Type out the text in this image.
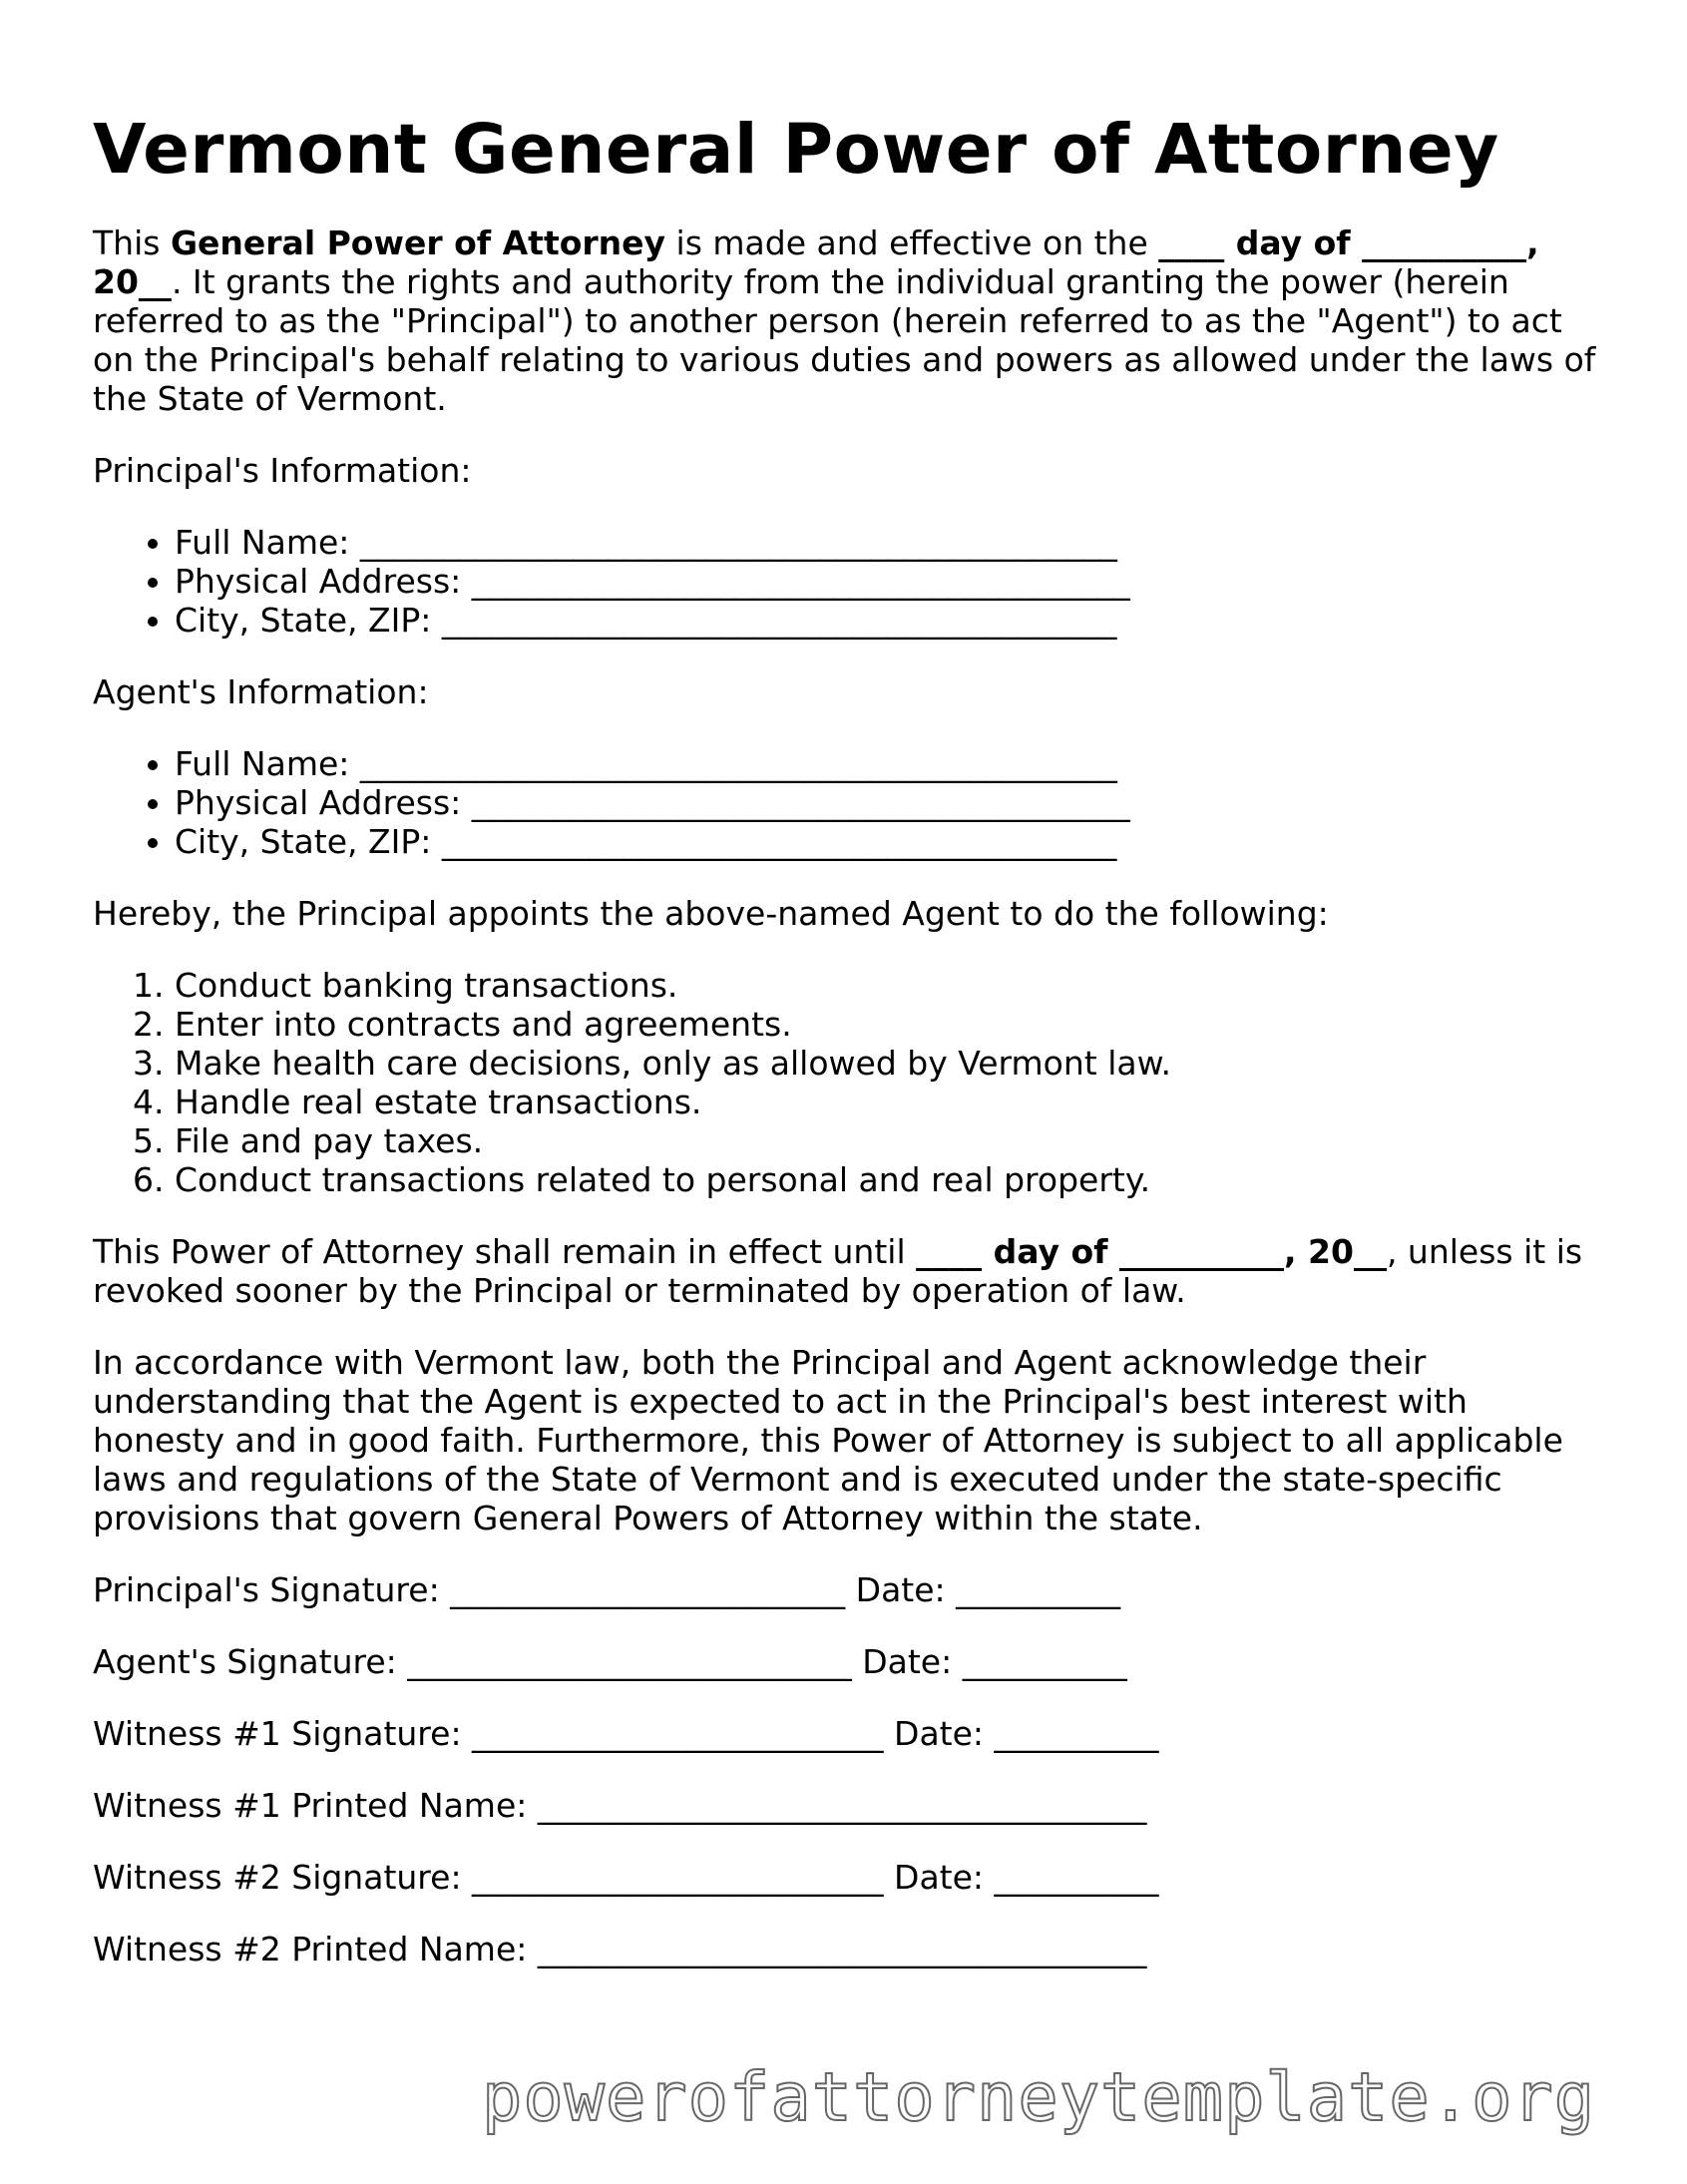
Vermont General Power of Attorney

This General Power of Attorney is made and effective on the ____ day of __________, 20__. It grants the rights and authority from the individual granting the power (herein referred to as the "Principal") to another person (herein referred to as the "Agent") to act on the Principal's behalf relating to various duties and powers as allowed under the laws of the State of Vermont.

Principal's Information:
• Full Name: ______________________________________________
• Physical Address: ________________________________________
• City, State, ZIP: _________________________________________
Agent's Information:
• Full Name: ______________________________________________
• Physical Address: ________________________________________
• City, State, ZIP: _________________________________________

Hereby, the Principal appoints the above-named Agent to do the following:

1. Conduct banking transactions.
2. Enter into contracts and agreements.
3. Make health care decisions, only as allowed by Vermont law.
4. Handle real estate transactions.
5. File and pay taxes.
6. Conduct transactions related to personal and real property.

This Power of Attorney shall remain in effect until ____ day of __________, 20__, unless it is revoked sooner by the Principal or terminated by operation of law.

In accordance with Vermont law, both the Principal and Agent acknowledge their understanding that the Agent is expected to act in the Principal's best interest with honesty and in good faith. Furthermore, this Power of Attorney is subject to all applicable laws and regulations of the State of Vermont and is executed under the state-specific provisions that govern General Powers of Attorney within the state.

Principal's Signature: ________________________ Date: __________
Agent's Signature: ___________________________ Date: __________
Witness #1 Signature: _________________________ Date: __________
Witness #1 Printed Name: _____________________________________
Witness #2 Signature: _________________________ Date: __________
Witness #2 Printed Name: _____________________________________
powerofattorneytemplate.org
